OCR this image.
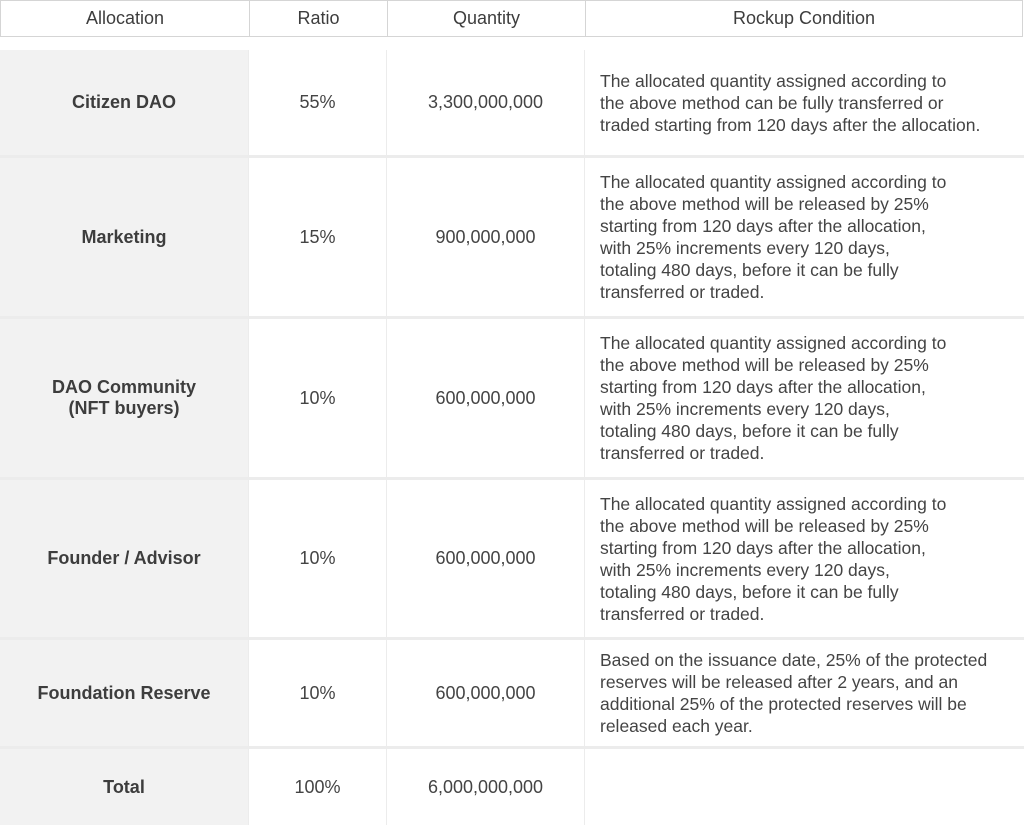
Allocation	Ratio	Quantity	Rockup Condition
Citizen DAO	55%	3,300,000,000
The allocated quantity assigned according to
the above method can be fully transferred or
traded starting from 120 days after the allocation.
Marketing	15%	900,000,000
The allocated quantity assigned according to
the above method will be released by 25%
starting from 120 days after the allocation,
with 25% increments every 120 days,
totaling 480 days, before it can be fully
transferred or traded.
DAO Community
(NFT buyers)
10%	600,000,000
The allocated quantity assigned according to
the above method will be released by 25%
starting from 120 days after the allocation,
with 25% increments every 120 days,
totaling 480 days, before it can be fully
transferred or traded.
Founder / Advisor	10%	600,000,000
The allocated quantity assigned according to
the above method will be released by 25%
starting from 120 days after the allocation,
with 25% increments every 120 days,
totaling 480 days, before it can be fully
transferred or traded.
Foundation Reserve	10%	600,000,000
Based on the issuance date, 25% of the protected
reserves will be released after 2 years, and an
additional 25% of the protected reserves will be
released each year.
Total	100%	6,000,000,000
